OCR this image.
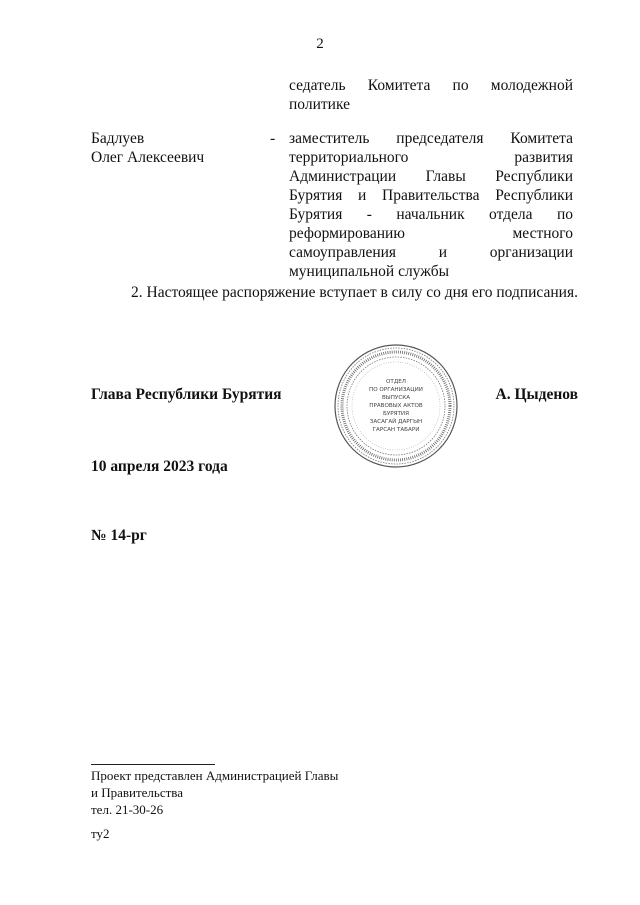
2
седатель Комитета по молодежной политике
Бадлуев
Олег Алексеевич
- заместитель председателя Комитета территориального развития Администрации Главы Республики Бурятия и Правительства Республики Бурятия - начальник отдела по реформированию местного самоуправления и организации муниципальной службы
2. Настоящее распоряжение вступает в силу со дня его подписания.
Глава Республики Бурятия
ОТДЕЛ
ПО ОРГАНИЗАЦИИ
ВЫПУСКА
ПРАВОВЫХ АКТОВ
БУРЯТИЯ
ЗАСАГАЙ ДАРГЫН
ГАРСАН ТАБАРИ
А. Цыденов
10 апреля 2023 года
№ 14-рг
Проект представлен Администрацией Главы
и Правительства
тел. 21-30-26
ту2
